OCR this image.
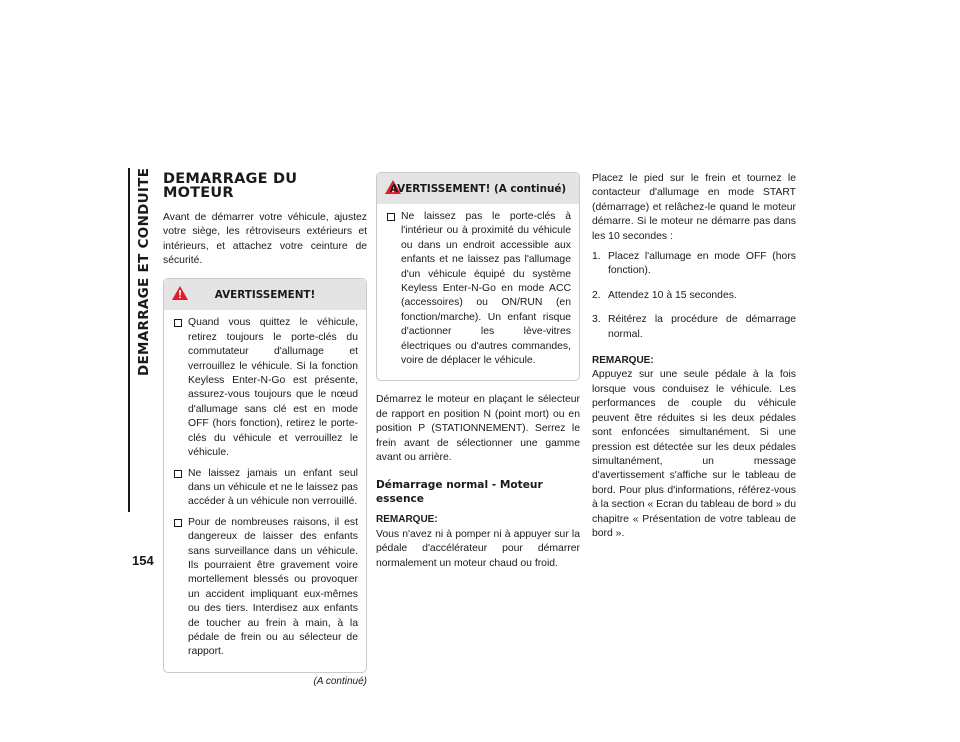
DEMARRAGE ET CONDUITE
154
DEMARRAGE DU MOTEUR

Avant de démarrer votre véhicule, ajustez votre siège, les rétroviseurs extérieurs et intérieurs, et attachez votre ceinture de sécurité.

AVERTISSEMENT!
Quand vous quittez le véhicule, retirez toujours le porte-clés du commutateur d'allumage et verrouillez le véhicule. Si la fonction Keyless Enter-N-Go est présente, assurez-vous toujours que le nœud d'allumage sans clé est en mode OFF (hors fonction), retirez le porte-clés du véhicule et verrouillez le véhicule.
Ne laissez jamais un enfant seul dans un véhicule et ne le laissez pas accéder à un véhicule non verrouillé.
Pour de nombreuses raisons, il est dangereux de laisser des enfants sans surveillance dans un véhicule. Ils pourraient être gravement voire mortellement blessés ou provoquer un accident impliquant eux-mêmes ou des tiers. Interdisez aux enfants de toucher au frein à main, à la pédale de frein ou au sélecteur de rapport.
(A continué)
AVERTISSEMENT! (A continué)
Ne laissez pas le porte-clés à l'intérieur ou à proximité du véhicule ou dans un endroit accessible aux enfants et ne laissez pas l'allumage d'un véhicule équipé du système Keyless Enter-N-Go en mode ACC (accessoires) ou ON/RUN (en fonction/marche). Un enfant risque d'actionner les lève-vitres électriques ou d'autres commandes, voire de déplacer le véhicule.

Démarrez le moteur en plaçant le sélecteur de rapport en position N (point mort) ou en position P (STATIONNEMENT). Serrez le frein avant de sélectionner une gamme avant ou arrière.

Démarrage normal - Moteur essence
REMARQUE:

Vous n'avez ni à pomper ni à appuyer sur la pédale d'accélérateur pour démarrer normalement un moteur chaud ou froid.

Placez le pied sur le frein et tournez le contacteur d'allumage en mode START (démarrage) et relâchez-le quand le moteur démarre. Si le moteur ne démarre pas dans les 10 secondes :

1. Placez l'allumage en mode OFF (hors fonction).
2. Attendez 10 à 15 secondes.
3. Réitérez la procédure de démarrage normal.
REMARQUE:

Appuyez sur une seule pédale à la fois lorsque vous conduisez le véhicule. Les performances de couple du véhicule peuvent être réduites si les deux pédales sont enfoncées simultanément. Si une pression est détectée sur les deux pédales simultanément, un message d'avertissement s'affiche sur le tableau de bord. Pour plus d'informations, référez-vous à la section « Ecran du tableau de bord » du chapitre « Présentation de votre tableau de bord ».
